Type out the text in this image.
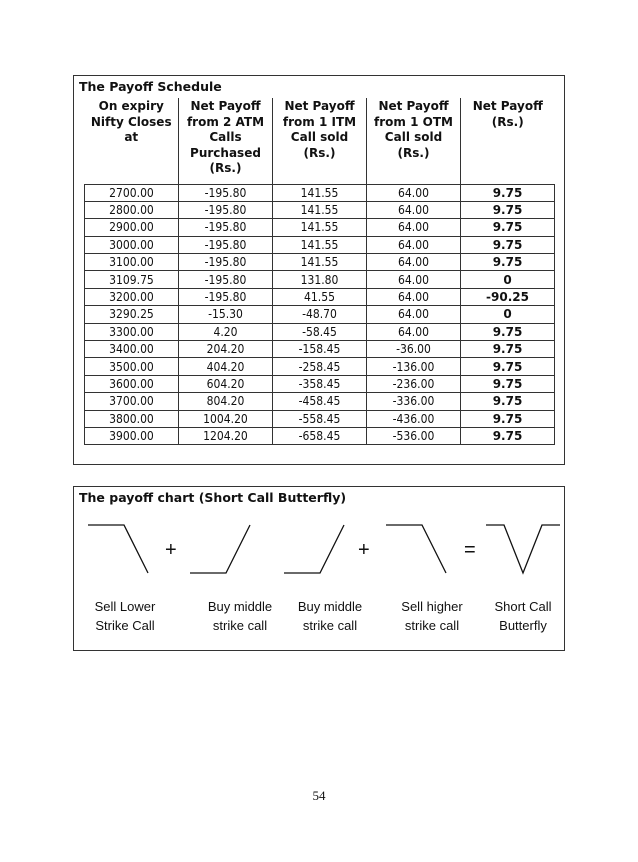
The Payoff Schedule
On expiry Nifty Closes at	Net Payoff from 2 ATM Calls Purchased (Rs.)	Net Payoff from 1 ITM Call sold (Rs.)	Net Payoff from 1 OTM Call sold (Rs.)	Net Payoff (Rs.)
2700.00	-195.80	141.55	64.00	9.75
2800.00	-195.80	141.55	64.00	9.75
2900.00	-195.80	141.55	64.00	9.75
3000.00	-195.80	141.55	64.00	9.75
3100.00	-195.80	141.55	64.00	9.75
3109.75	-195.80	131.80	64.00	0
3200.00	-195.80	41.55	64.00	-90.25
3290.25	-15.30	-48.70	64.00	0
3300.00	4.20	-58.45	64.00	9.75
3400.00	204.20	-158.45	-36.00	9.75
3500.00	404.20	-258.45	-136.00	9.75
3600.00	604.20	-358.45	-236.00	9.75
3700.00	804.20	-458.45	-336.00	9.75
3800.00	1004.20	-558.45	-436.00	9.75
3900.00	1204.20	-658.45	-536.00	9.75
The payoff chart (Short Call Butterfly)
+	+	=
Sell Lower
Strike Call
Buy middle
strike call
Buy middle
strike call
Sell higher
strike call
Short Call
Butterfly
54
